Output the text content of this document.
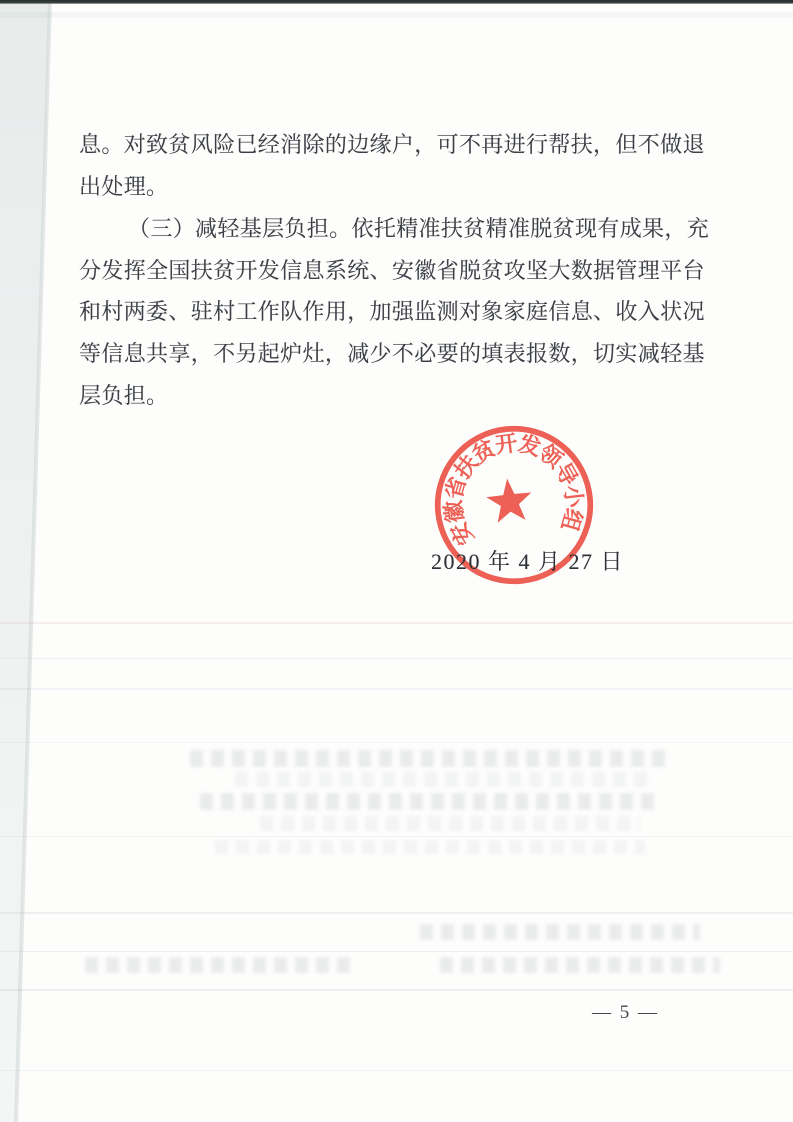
息。对致贫风险已经消除的边缘户，可不再进行帮扶，但不做退
出处理。
（三）减轻基层负担。依托精准扶贫精准脱贫现有成果，充
分发挥全国扶贫开发信息系统、安徽省脱贫攻坚大数据管理平台
和村两委、驻村工作队作用，加强监测对象家庭信息、收入状况
等信息共享，不另起炉灶，减少不必要的填表报数，切实减轻基
层负担。
安徽省扶贫开发领导小组
2020 年 4 月 27 日
— 5 —
